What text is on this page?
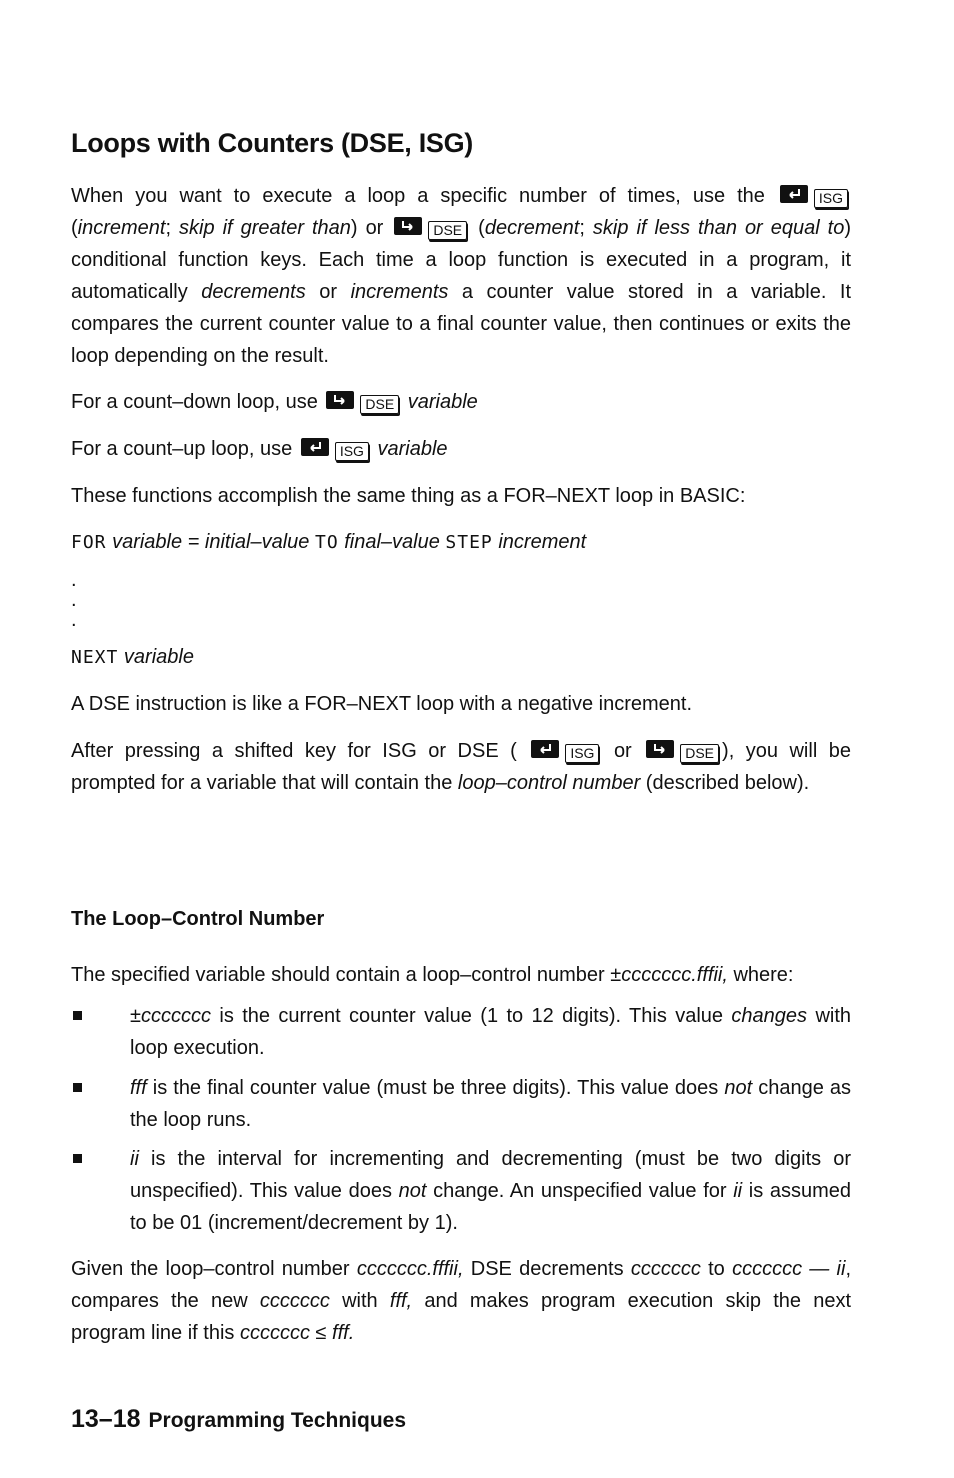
Loops with Counters (DSE, ISG)

When you want to execute a loop a specific number of times, use the	ISG (increment; skip if greater than) or	DSE (decrement; skip if less than or equal to) conditional function keys. Each time a loop function is executed in a program, it automatically decrements or increments a counter value stored in a variable. It compares the current counter value to a final counter value, then continues or exits the loop depending on the result.

For a count–down loop, use	DSE variable

For a count–up loop, use	ISG variable

These functions accomplish the same thing as a FOR–NEXT loop in BASIC:

FOR variable = initial–value TO final–value STEP increment

.
.
.

NEXT variable

A DSE instruction is like a FOR–NEXT loop with a negative increment.

After pressing a shifted key for ISG or DSE (	ISG or	DSE ), you will be prompted for a variable that will contain the loop–control number (described below).

The Loop–Control Number

The specified variable should contain a loop–control number ±ccccccc.fffii, where:

±ccccccc is the current counter value (1 to 12 digits). This value changes with loop execution.

fff is the final counter value (must be three digits). This value does not change as the loop runs.

ii is the interval for incrementing and decrementing (must be two digits or unspecified). This value does not change. An unspecified value for ii is assumed to be 01 (increment/decrement by 1).

Given the loop–control number ccccccc.fffii, DSE decrements ccccccc to ccccccc — ii, compares the new ccccccc with fff, and makes program execution skip the next program line if this ccccccc ≤ fff.

13–18 Programming Techniques
